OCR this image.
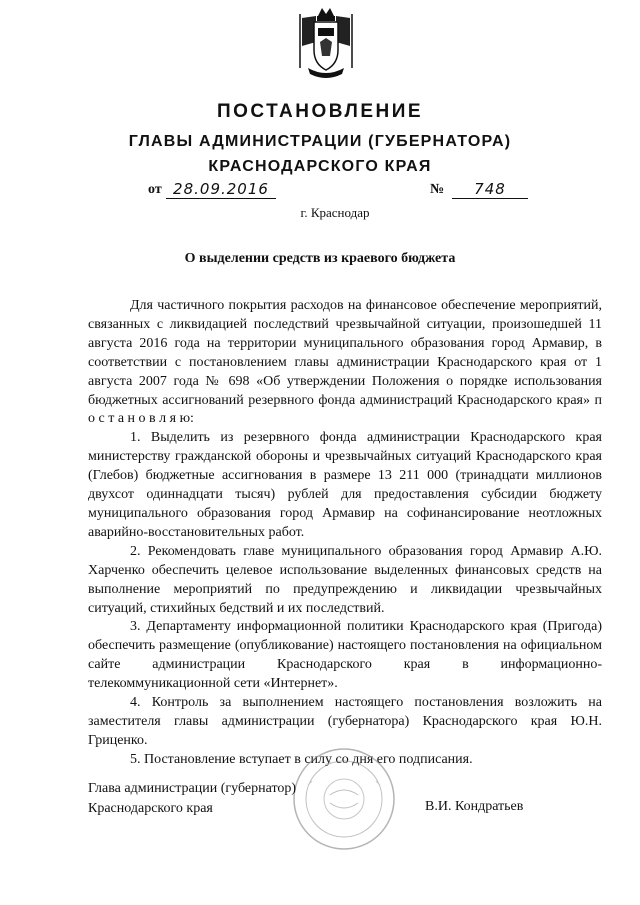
ПОСТАНОВЛЕНИЕ
ГЛАВЫ АДМИНИСТРАЦИИ (ГУБЕРНАТОРА)
КРАСНОДАРСКОГО КРАЯ
от 28.09.2016	№	748
г. Краснодар
О выделении средств из краевого бюджета

Для частичного покрытия расходов на финансовое обеспечение мероприятий, связанных с ликвидацией последствий чрезвычайной ситуации, произошедшей 11 августа 2016 года на территории муниципального образования город Армавир, в соответствии с постановлением главы администрации Краснодарского края от 1 августа 2007 года № 698 «Об утверждении Положения о порядке использования бюджетных ассигнований резервного фонда администраций Краснодарского края» п о с т а н о в л я ю:

1. Выделить из резервного фонда администрации Краснодарского края министерству гражданской обороны и чрезвычайных ситуаций Краснодарского края (Глебов) бюджетные ассигнования в размере 13 211 000 (тринадцати миллионов двухсот одиннадцати тысяч) рублей для предоставления субсидии бюджету муниципального образования город Армавир на софинансирование неотложных аварийно-восстановительных работ.

2. Рекомендовать главе муниципального образования город Армавир А.Ю. Харченко обеспечить целевое использование выделенных финансовых средств на выполнение мероприятий по предупреждению и ликвидации чрезвычайных ситуаций, стихийных бедствий и их последствий.

3. Департаменту информационной политики Краснодарского края (Пригода) обеспечить размещение (опубликование) настоящего постановления на официальном сайте администрации Краснодарского края в информационно-телекоммуникационной сети «Интернет».

4. Контроль за выполнением настоящего постановления возложить на заместителя главы администрации (губернатора) Краснодарского края Ю.Н. Гриценко.

5. Постановление вступает в силу со дня его подписания.

Глава администрации (губернатор)
Краснодарского края	В.И. Кондратьев
